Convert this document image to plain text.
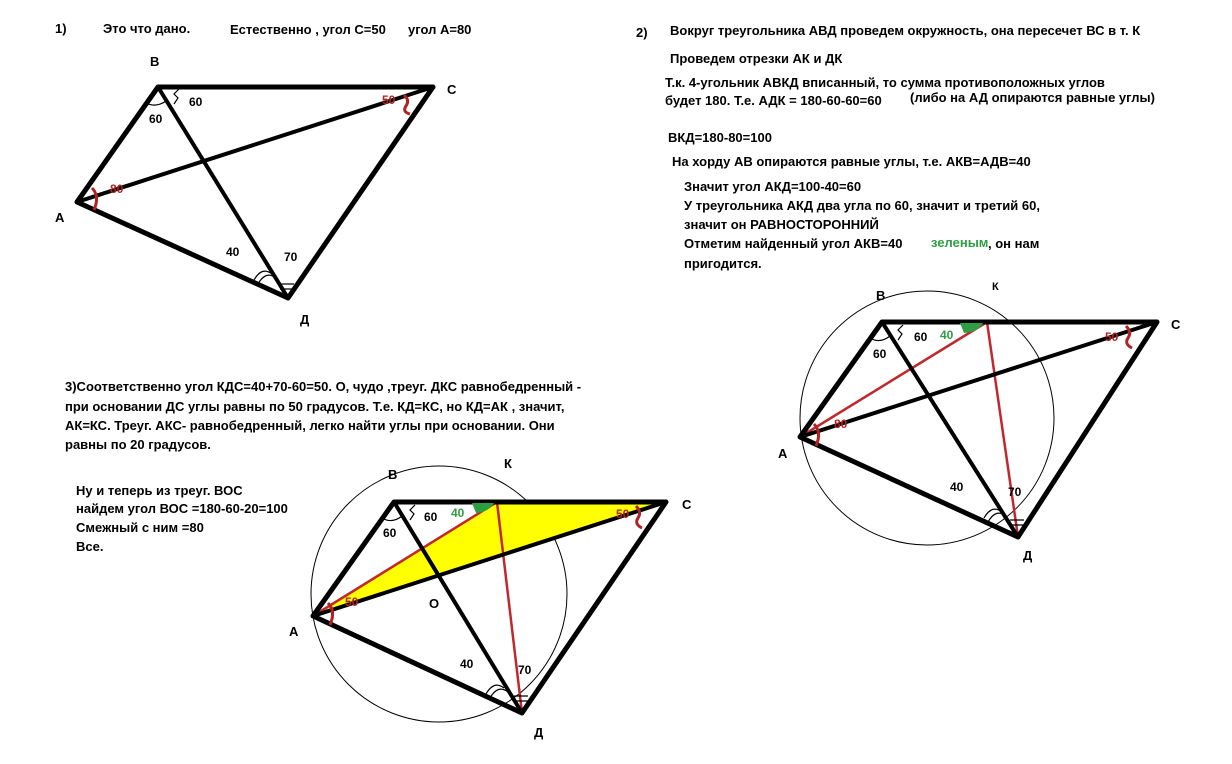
1)	Это что дано.	Естественно , угол С=50 угол А=80	2) Вокруг треугольника АВД проведем окружность, она пересечет ВС в т. К
Проведем отрезки АК и ДК
Т.к. 4-угольник АВКД вписанный, то сумма противоположных углов
будет 180. Т.е. АДК = 180-60-60=60 (либо на АД опираются равные углы)
ВКД=180-80=100
На хорду АВ опираются равные углы, т.е. АКВ=АДВ=40
Значит угол АКД=100-40=60
У треугольника АКД два угла по 60, значит и третий 60,
значит он РАВНОСТОРОННИЙ
Отметим найденный угол АКВ=40 зеленым , он нам
пригодится.
3)Соответственно угол КДС=40+70-60=50. О, чудо ,треуг. ДКС равнобедренный -
при основании ДС углы равны по 50 градусов. Т.е. КД=КС, но КД=АК , значит,
АК=КС. Треуг. АКС- равнобедренный, легко найти углы при основании. Они
равны по 20 градусов.
Ну и теперь из треуг. ВОС
найдем угол ВОС =180-60-20=100
Смежный с ним =80
Все.
В
С
А
Д
60
60
50
80
40	70
В
К
С
А
Д
60
60
40	50
80
40	70
В
К
С
А
Д
О
60
60
40	50
50
40	70
